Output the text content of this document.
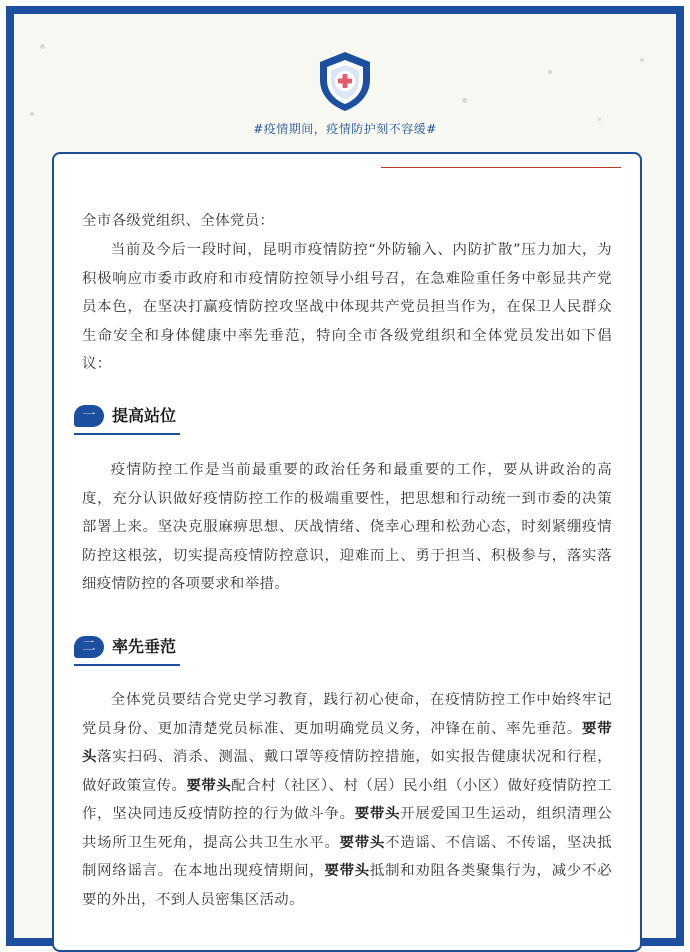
#疫情期间，疫情防护刻不容缓#

全市各级党组织、全体党员：

当前及今后一段时间，昆明市疫情防控“外防输入、内防扩散”压力加大，为积极响应市委市政府和市疫情防控领导小组号召，在急难险重任务中彰显共产党员本色，在坚决打赢疫情防控攻坚战中体现共产党员担当作为，在保卫人民群众生命安全和身体健康中率先垂范，特向全市各级党组织和全体党员发出如下倡议：

一	提高站位

疫情防控工作是当前最重要的政治任务和最重要的工作，要从讲政治的高度，充分认识做好疫情防控工作的极端重要性，把思想和行动统一到市委的决策部署上来。坚决克服麻痹思想、厌战情绪、侥幸心理和松劲心态，时刻紧绷疫情防控这根弦，切实提高疫情防控意识，迎难而上、勇于担当、积极参与，落实落细疫情防控的各项要求和举措。

二	率先垂范

全体党员要结合党史学习教育，践行初心使命，在疫情防控工作中始终牢记党员身份、更加清楚党员标准、更加明确党员义务，冲锋在前、率先垂范。要带头落实扫码、消杀、测温、戴口罩等疫情防控措施，如实报告健康状况和行程，做好政策宣传。要带头配合村（社区）、村（居）民小组（小区）做好疫情防控工作，坚决同违反疫情防控的行为做斗争。要带头开展爱国卫生运动，组织清理公共场所卫生死角，提高公共卫生水平。要带头不造谣、不信谣、不传谣，坚决抵制网络谣言。在本地出现疫情期间，要带头抵制和劝阻各类聚集行为，减少不必要的外出，不到人员密集区活动。
